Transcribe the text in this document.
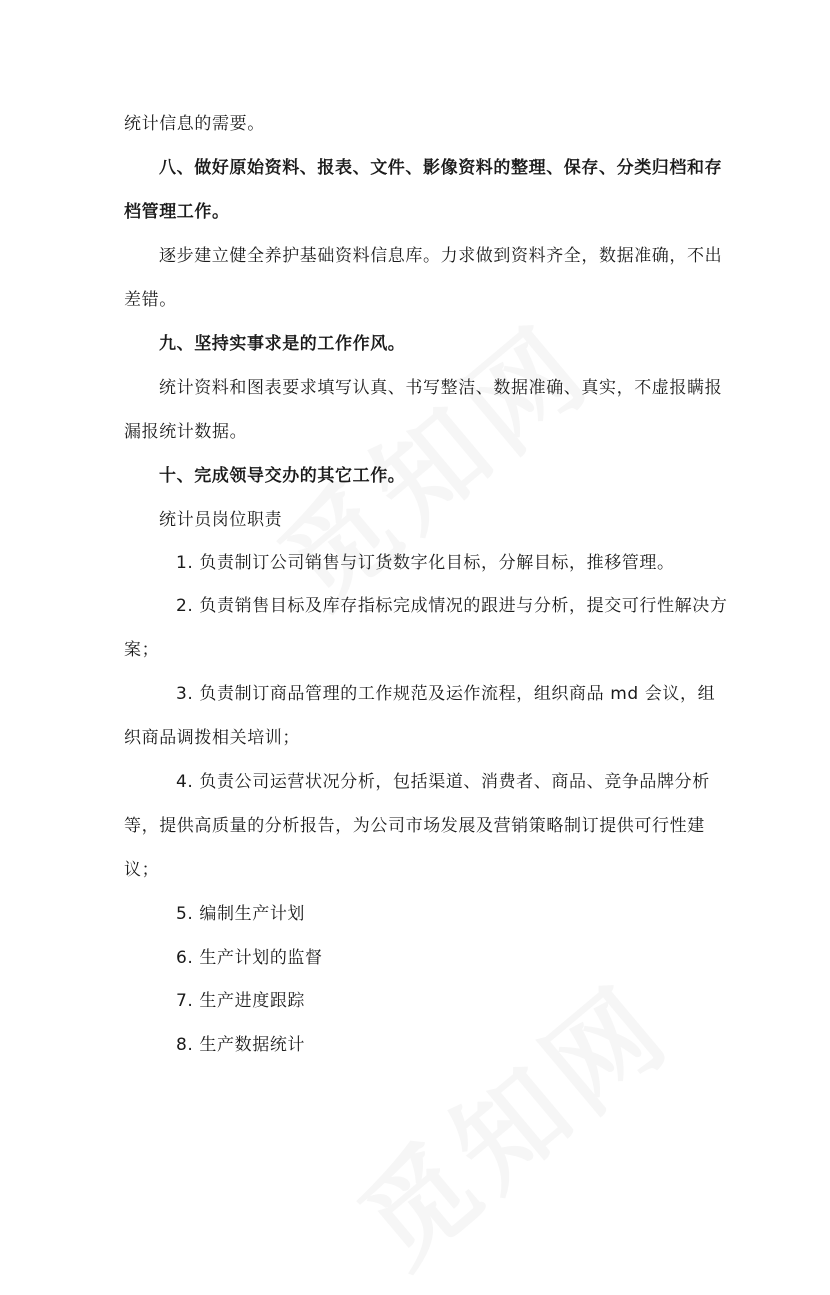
统计信息的需要。
八、做好原始资料、报表、文件、影像资料的整理、保存、分类归档和存
档管理工作。
逐步建立健全养护基础资料信息库。力求做到资料齐全，数据准确，不出
差错。
九、坚持实事求是的工作作风。
统计资料和图表要求填写认真、书写整洁、数据准确、真实，不虚报瞒报
漏报统计数据。
十、完成领导交办的其它工作。
统计员岗位职责
1. 负责制订公司销售与订货数字化目标，分解目标，推移管理。
2. 负责销售目标及库存指标完成情况的跟进与分析，提交可行性解决方
案；
3. 负责制订商品管理的工作规范及运作流程，组织商品 md 会议，组
织商品调拨相关培训；
4. 负责公司运营状况分析，包括渠道、消费者、商品、竞争品牌分析
等，提供高质量的分析报告，为公司市场发展及营销策略制订提供可行性建
议；
5. 编制生产计划
6. 生产计划的监督
7. 生产进度跟踪
8. 生产数据统计
